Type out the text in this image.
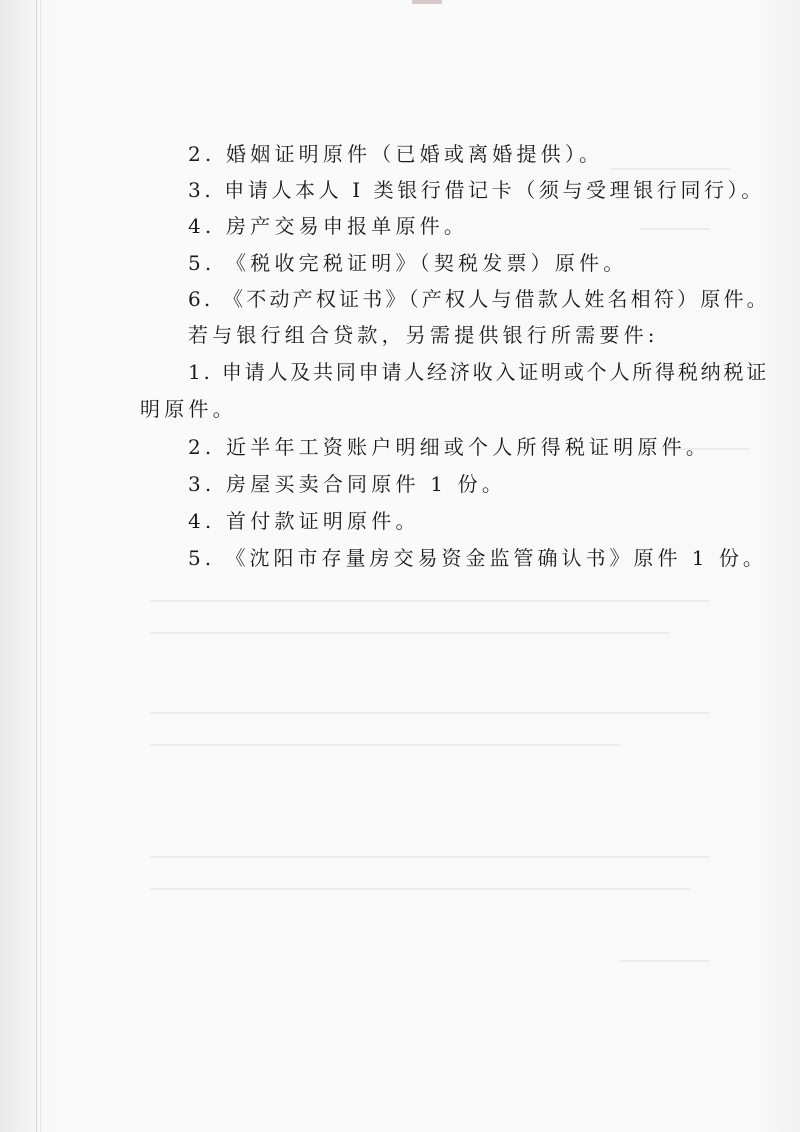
2. 婚姻证明原件（已婚或离婚提供）。
3. 申请人本人 I 类银行借记卡（须与受理银行同行）。
4. 房产交易申报单原件。
5. 《税收完税证明》（契税发票）原件。
6. 《不动产权证书》（产权人与借款人姓名相符）原件。
若与银行组合贷款，另需提供银行所需要件:
1. 申请人及共同申请人经济收入证明或个人所得税纳税证
明原件。
2. 近半年工资账户明细或个人所得税证明原件。
3. 房屋买卖合同原件 1 份。
4. 首付款证明原件。
5. 《沈阳市存量房交易资金监管确认书》原件 1 份。
